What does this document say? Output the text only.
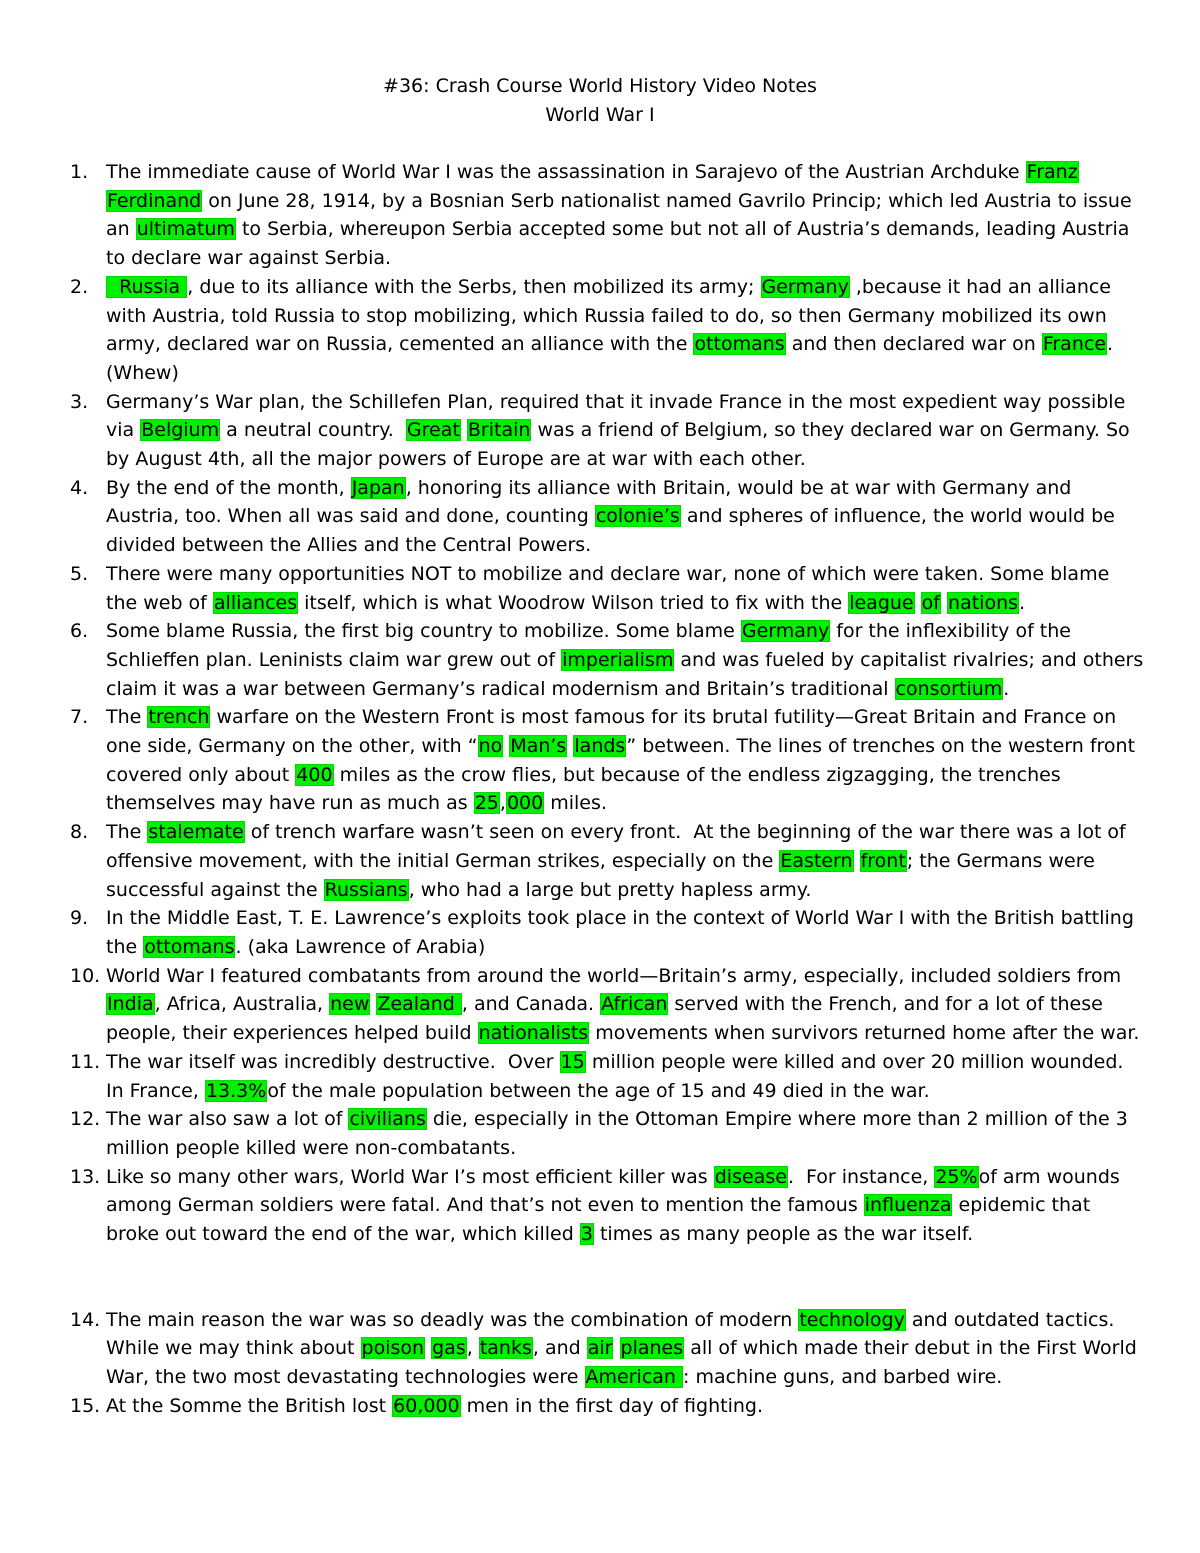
#36: Crash Course World History Video Notes
World War I
1. The immediate cause of World War I was the assassination in Sarajevo of the Austrian Archduke Franz Ferdinand on June 28, 1914, by a Bosnian Serb nationalist named Gavrilo Princip; which led Austria to issue an ultimatum to Serbia, whereupon Serbia accepted some but not all of Austria’s demands, leading Austria to declare war against Serbia.
2. Russia , due to its alliance with the Serbs, then mobilized its army; Germany ,because it had an alliance with Austria, told Russia to stop mobilizing, which Russia failed to do, so then Germany mobilized its own army, declared war on Russia, cemented an alliance with the ottomans and then declared war on France. (Whew)
3. Germany’s War plan, the Schillefen Plan, required that it invade France in the most expedient way possible via Belgium a neutral country.  Great Britain was a friend of Belgium, so they declared war on Germany. So by August 4th, all the major powers of Europe are at war with each other.
4. By the end of the month, Japan, honoring its alliance with Britain, would be at war with Germany and Austria, too. When all was said and done, counting colonie’s and spheres of influence, the world would be divided between the Allies and the Central Powers.
5. There were many opportunities NOT to mobilize and declare war, none of which were taken. Some blame the web of alliances itself, which is what Woodrow Wilson tried to fix with the league of nations.
6. Some blame Russia, the first big country to mobilize. Some blame Germany for the inflexibility of the Schlieffen plan. Leninists claim war grew out of imperialism and was fueled by capitalist rivalries; and others claim it was a war between Germany’s radical modernism and Britain’s traditional consortium.
7. The trench warfare on the Western Front is most famous for its brutal futility—Great Britain and France on one side, Germany on the other, with “no Man’s lands” between. The lines of trenches on the western front covered only about 400 miles as the crow flies, but because of the endless zigzagging, the trenches themselves may have run as much as 25,000 miles.
8. The stalemate of trench warfare wasn’t seen on every front.  At the beginning of the war there was a lot of offensive movement, with the initial German strikes, especially on the Eastern front; the Germans were successful against the Russians, who had a large but pretty hapless army.
9. In the Middle East, T. E. Lawrence’s exploits took place in the context of World War I with the British battling the ottomans. (aka Lawrence of Arabia)
10. World War I featured combatants from around the world—Britain’s army, especially, included soldiers from India, Africa, Australia, new Zealand , and Canada. African served with the French, and for a lot of these people, their experiences helped build nationalists movements when survivors returned home after the war.
11. The war itself was incredibly destructive.  Over 15 million people were killed and over 20 million wounded. In France, 13.3%of the male population between the age of 15 and 49 died in the war.
12. The war also saw a lot of civilians die, especially in the Ottoman Empire where more than 2 million of the 3 million people killed were non-combatants.
13. Like so many other wars, World War I’s most efficient killer was disease.  For instance, 25%of arm wounds among German soldiers were fatal. And that’s not even to mention the famous influenza epidemic that broke out toward the end of the war, which killed 3 times as many people as the war itself.
14. The main reason the war was so deadly was the combination of modern technology and outdated tactics. While we may think about poison gas, tanks, and air planes all of which made their debut in the First World War, the two most devastating technologies were American : machine guns, and barbed wire.
15. At the Somme the British lost 60,000 men in the first day of fighting.
